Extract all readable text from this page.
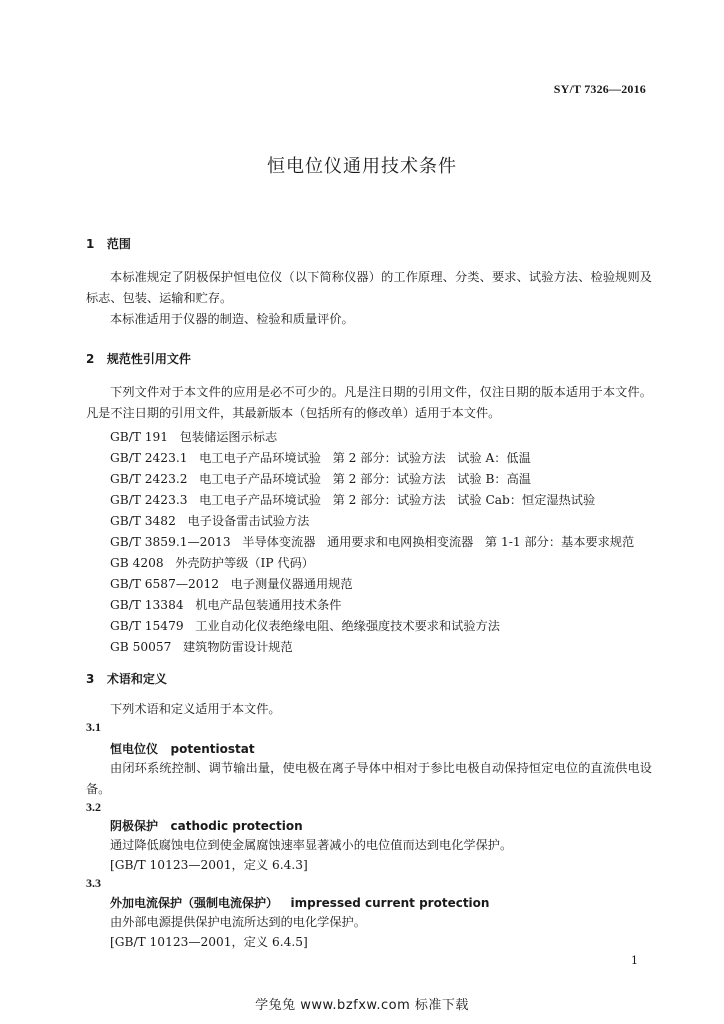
SY/T 7326—2016
恒电位仪通用技术条件
1   范围
本标准规定了阴极保护恒电位仪（以下简称仪器）的工作原理、分类、要求、试验方法、检验规则及标志、包装、运输和贮存。
本标准适用于仪器的制造、检验和质量评价。
2   规范性引用文件
下列文件对于本文件的应用是必不可少的。凡是注日期的引用文件，仅注日期的版本适用于本文件。凡是不注日期的引用文件，其最新版本（包括所有的修改单）适用于本文件。
GB/T 191   包装储运图示标志
GB/T 2423.1   电工电子产品环境试验   第 2 部分：试验方法   试验 A：低温
GB/T 2423.2   电工电子产品环境试验   第 2 部分：试验方法   试验 B：高温
GB/T 2423.3   电工电子产品环境试验   第 2 部分：试验方法   试验 Cab：恒定湿热试验
GB/T 3482   电子设备雷击试验方法
GB/T 3859.1—2013   半导体变流器   通用要求和电网换相变流器   第 1-1 部分：基本要求规范
GB 4208   外壳防护等级（IP 代码）
GB/T 6587—2012   电子测量仪器通用规范
GB/T 13384   机电产品包装通用技术条件
GB/T 15479   工业自动化仪表绝缘电阻、绝缘强度技术要求和试验方法
GB 50057   建筑物防雷设计规范
3   术语和定义
下列术语和定义适用于本文件。
3.1
恒电位仪   potentiostat
由闭环系统控制、调节输出量，使电极在离子导体中相对于参比电极自动保持恒定电位的直流供电设备。
3.2
阴极保护   cathodic protection
通过降低腐蚀电位到使金属腐蚀速率显著减小的电位值而达到电化学保护。
[GB/T 10123—2001，定义 6.4.3]
3.3
外加电流保护（强制电流保护）   impressed current protection
由外部电源提供保护电流所达到的电化学保护。
[GB/T 10123—2001，定义 6.4.5]
1
学兔兔 www.bzfxw.com 标准下载
